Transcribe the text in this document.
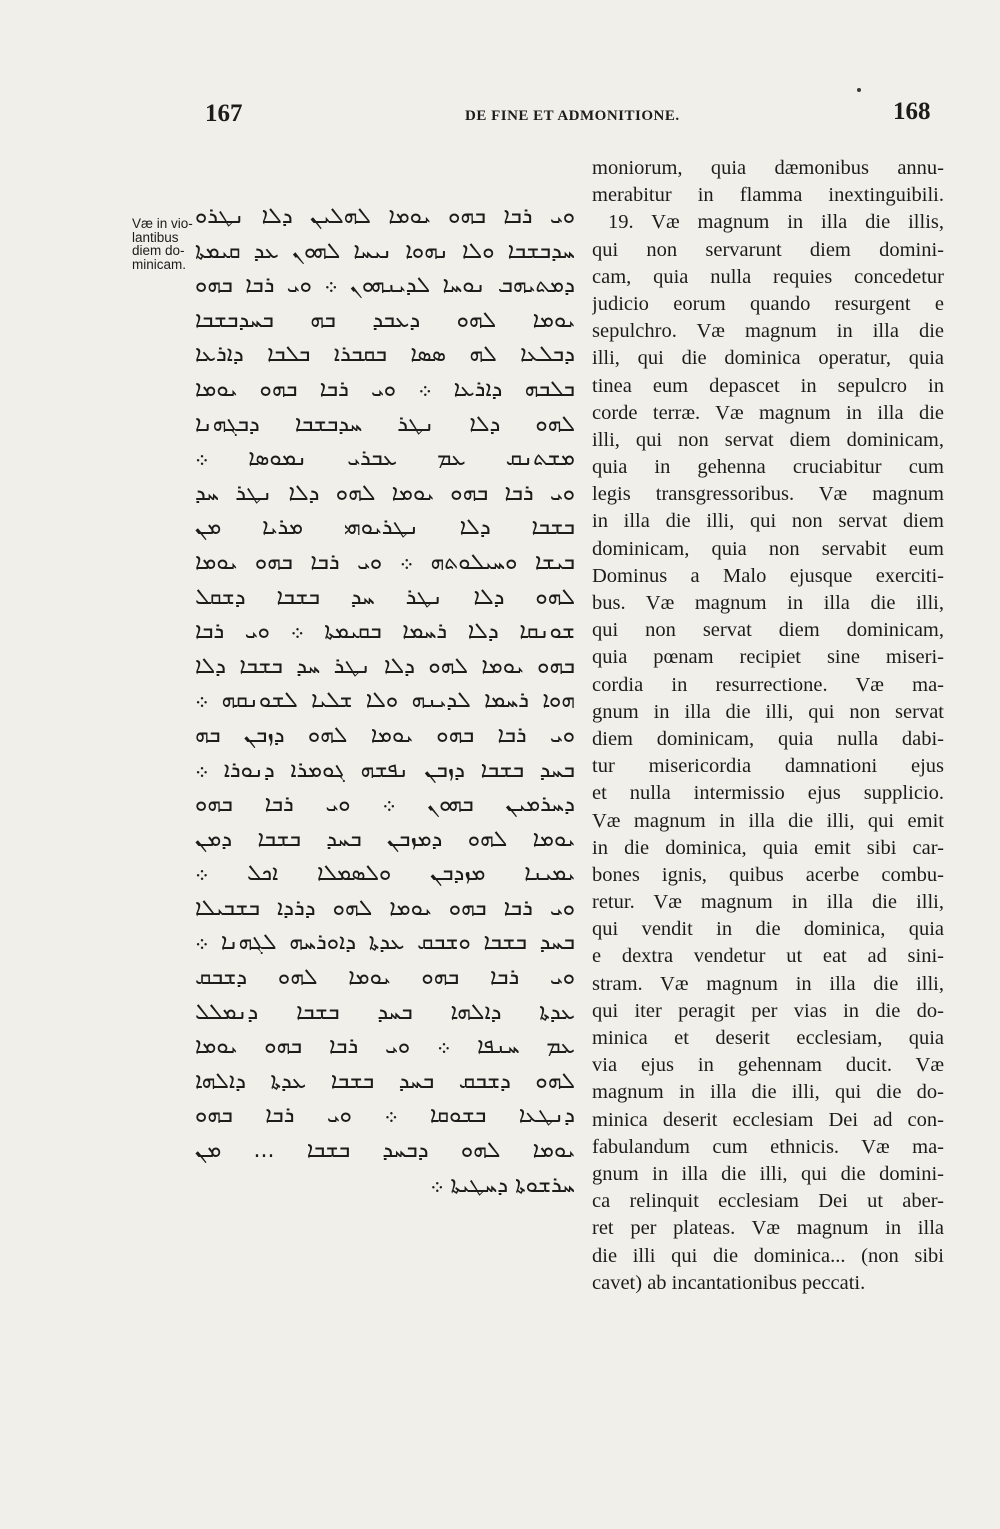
167	DE FINE ET ADMONITIONE.	168
Væ in vio-
lantibus
diem do-
minicam.
ܘܝ ܪܒܐ ܒܗܘ ܝܘܡܐ ܠܗܠܝܢ ܕܠܐ ܢܛܪܘ
ܚܕܒܫܒܐ ܘܠܐ ܢܗܘܐ ܢܝܚܐ ܠܗܘܢ ܥܕ ܩܝܡܬܐ
ܕܡܬܝܗܒ ܢܘܚܐ ܠܕܝܢܗܘܢ ܀ ܘܝ ܪܒܐ ܒܗܘ
ܝܘܡܐ ܠܗܘ ܕܥܒܕ ܒܗ ܒܚܕܒܫܒܐ
ܕܒܠܥܐ ܠܗ ܣܣܐ ܒܩܒܪܐ ܒܠܒܐ ܕܐܪܥܐ
ܒܠܒܗ ܕܐܪܥܐ ܀ ܘܝ ܪܒܐ ܒܗܘ ܝܘܡܐ
ܠܗܘ ܕܠܐ ܢܛܪ ܚܕܒܫܒܐ ܕܒܓܗܢܐ
ܡܫܬܢܩ ܥܡ ܥܒܪܝ ܢܡܘܣܐ ܀
ܘܝ ܪܒܐ ܒܗܘ ܝܘܡܐ ܠܗܘ ܕܠܐ ܢܛܪ ܚܕ
ܒܫܒܐ ܕܠܐ ܢܛܪܝܘܗܝ ܡܪܝܐ ܡܢ
ܒܝܫܐ ܘܚܝܠܘܬܗ ܀ ܘܝ ܪܒܐ ܒܗܘ ܝܘܡܐ
ܠܗܘ ܕܠܐ ܢܛܪ ܚܕ ܒܫܒܐ ܕܫܩܠ
ܫܘܢܩܐ ܕܠܐ ܪܚܡܐ ܒܩܝܡܬܐ ܀ ܘܝ ܪܒܐ
ܒܗܘ ܝܘܡܐ ܠܗܘ ܕܠܐ ܢܛܪ ܚܕ ܒܫܒܐ ܕܠܐ
ܗܘܐ ܪܚܡܐ ܠܕܝܢܗ ܘܠܐ ܫܠܝܐ ܠܫܘܢܩܗ ܀
ܘܝ ܪܒܐ ܒܗܘ ܝܘܡܐ ܠܗܘ ܕܙܒܢ ܒܗ
ܒܚܕ ܒܫܒܐ ܕܙܒܢ ܢܦܫܗ ܓܘܡܪܐ ܕܢܘܪܐ ܀
ܕܚܪܡܝܢ ܒܗܘܢ ܀ ܘܝ ܪܒܐ ܒܗܘ
ܝܘܡܐ ܠܗܘ ܕܡܙܒܢ ܒܚܕ ܒܫܒܐ ܕܡܢ
ܝܡܝܢܐ ܡܙܕܒܢ ܘܠܣܡܠܐ ܐܟܠ ܀
ܘܝ ܪܒܐ ܒܗܘ ܝܘܡܐ ܠܗܘ ܕܪܕܐ ܒܫܒܝܠܐ
ܒܚܕ ܒܫܒܐ ܘܫܒܩ ܥܕܬܐ ܕܐܘܪܚܗ ܠܓܗܢܐ ܀
ܘܝ ܪܒܐ ܒܗܘ ܝܘܡܐ ܠܗܘ ܕܫܒܩ
ܥܕܬܐ ܕܐܠܗܐ ܒܚܕ ܒܫܒܐ ܕܢܡܠܠ
ܥܡ ܚܢܦܐ ܀ ܘܝ ܪܒܐ ܒܗܘ ܝܘܡܐ
ܠܗܘ ܕܫܒܩ ܒܚܕ ܒܫܒܐ ܥܕܬܐ ܕܐܠܗܐ
ܕܢܛܥܐ ܒܫܘܩܐ ܀ ܘܝ ܪܒܐ ܒܗܘ
ܝܘܡܐ ܠܗܘ ܕܒܚܕ ܒܫܒܐ ... ܡܢ
ܚܪܫܘܬܐ ܕܚܛܝܬܐ ܀
moniorum, quia dæmonibus annu-
merabitur in flamma inextinguibili.
19. Væ magnum in illa die illis,
qui non servarunt diem domini-
cam, quia nulla requies concedetur
judicio eorum quando resurgent e
sepulchro. Væ magnum in illa die
illi, qui die dominica operatur, quia
tinea eum depascet in sepulcro in
corde terræ. Væ magnum in illa die
illi, qui non servat diem dominicam,
quia in gehenna cruciabitur cum
legis transgressoribus. Væ magnum
in illa die illi, qui non servat diem
dominicam, quia non servabit eum
Dominus a Malo ejusque exerciti-
bus. Væ magnum in illa die illi,
qui non servat diem dominicam,
quia pœnam recipiet sine miseri-
cordia in resurrectione. Væ ma-
gnum in illa die illi, qui non servat
diem dominicam, quia nulla dabi-
tur misericordia damnationi ejus
et nulla intermissio ejus supplicio.
Væ magnum in illa die illi, qui emit
in die dominica, quia emit sibi car-
bones ignis, quibus acerbe combu-
retur. Væ magnum in illa die illi,
qui vendit in die dominica, quia
e dextra vendetur ut eat ad sini-
stram. Væ magnum in illa die illi,
qui iter peragit per vias in die do-
minica et deserit ecclesiam, quia
via ejus in gehennam ducit. Væ
magnum in illa die illi, qui die do-
minica deserit ecclesiam Dei ad con-
fabulandum cum ethnicis. Væ ma-
gnum in illa die illi, qui die domini-
ca relinquit ecclesiam Dei ut aber-
ret per plateas. Væ magnum in illa
die illi qui die dominica... (non sibi
cavet) ab incantationibus peccati.
